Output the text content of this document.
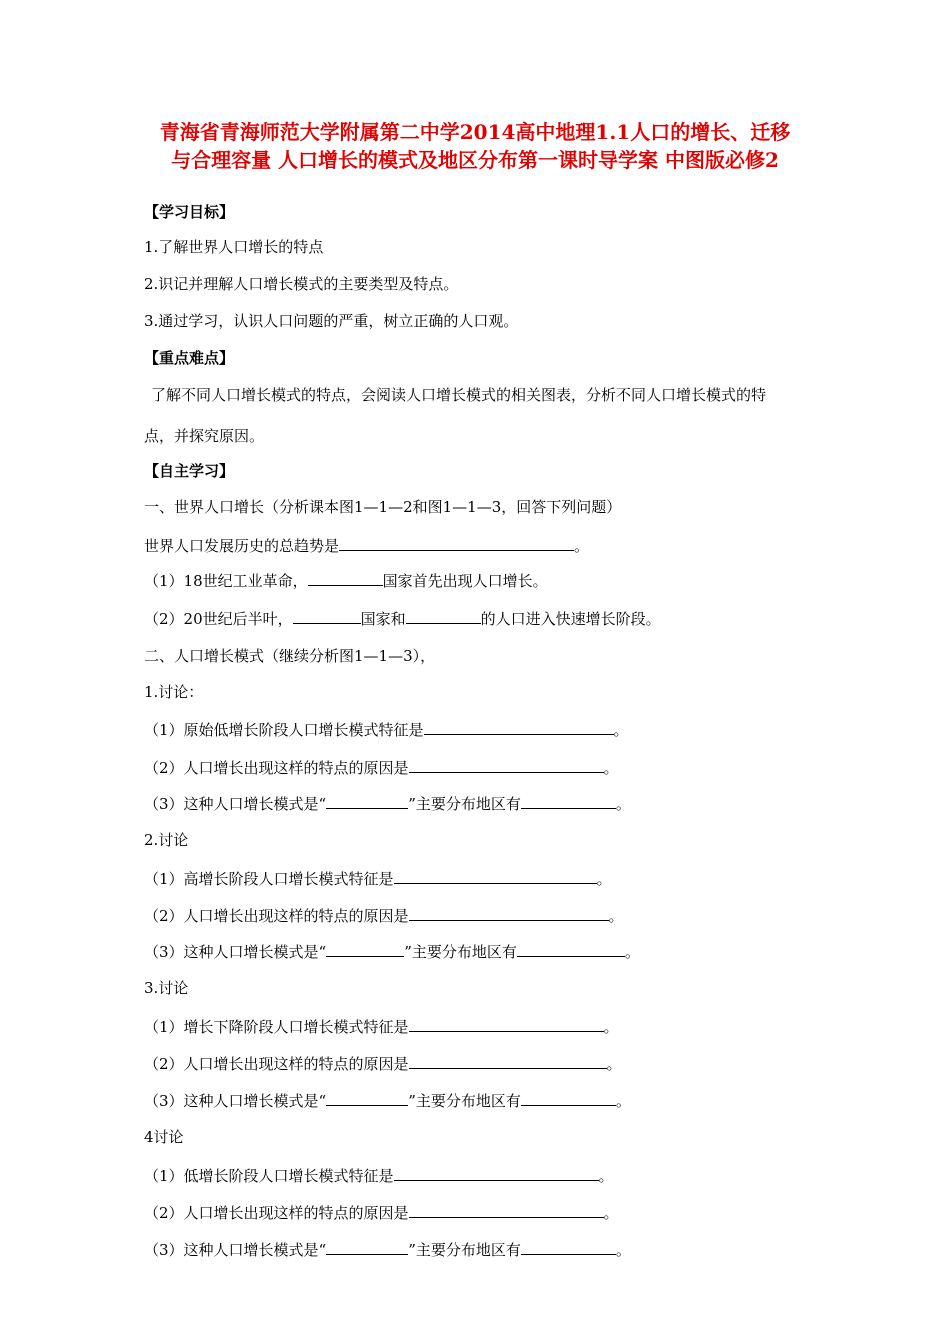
青海省青海师范大学附属第二中学2014高中地理1.1人口的增长、迁移
与合理容量 人口增长的模式及地区分布第一课时导学案 中图版必修2
【学习目标】
1.了解世界人口增长的特点
2.识记并理解人口增长模式的主要类型及特点。
3.通过学习，认识人口问题的严重，树立正确的人口观。
【重点难点】
了解不同人口增长模式的特点，会阅读人口增长模式的相关图表，分析不同人口增长模式的特
点，并探究原因。
【自主学习】
一、世界人口增长（分析课本图1—1—2和图1—1—3，回答下列问题）
世界人口发展历史的总趋势是	。
（1）18世纪工业革命，	国家首先出现人口增长。
（2）20世纪后半叶，	国家和	的人口进入快速增长阶段。
二、人口增长模式（继续分析图1—1—3），
1.讨论：
（1）原始低增长阶段人口增长模式特征是	。
（2）人口增长出现这样的特点的原因是	。
（3）这种人口增长模式是“	”主要分布地区有	。
2.讨论
（1）高增长阶段人口增长模式特征是	。
（2）人口增长出现这样的特点的原因是	。
（3）这种人口增长模式是“	”主要分布地区有	。
3.讨论
（1）增长下降阶段人口增长模式特征是	。
（2）人口增长出现这样的特点的原因是	。
（3）这种人口增长模式是“	”主要分布地区有	。
4讨论
（1）低增长阶段人口增长模式特征是	。
（2）人口增长出现这样的特点的原因是	。
（3）这种人口增长模式是“	”主要分布地区有	。
